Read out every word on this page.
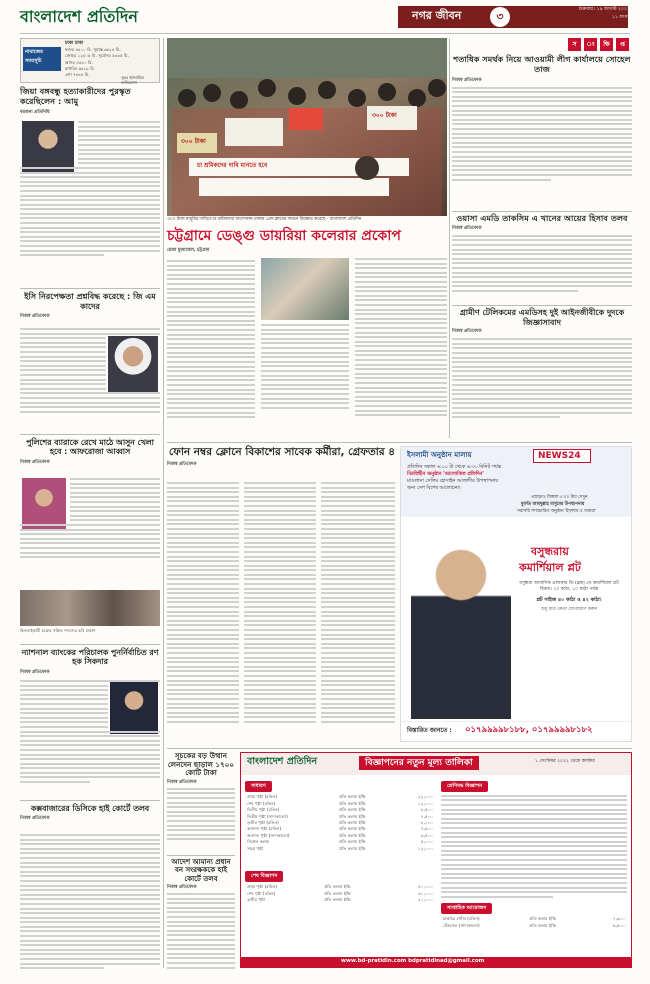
বাংলাদেশ প্রতিদিন	নগর জীবন	৩
শুক্রবার ৷ ১৯ আগস্ট ২০২২
১১ বৎসর
ঢাকা ঢাকা
নামাজের
সময়সূচি
ফজর ৪ঃ১০ মি. সূর্যাস্ত ৬ঃ২৪ মি.
জোহর ১২ঃ০৫ মি. সূর্যোদয় ৫ঃ৩৫ মি.
আসর ৪ঃ৪০ মি.
মাগরিব ৬ঃ২৯ মি.
এশা ৭ঃ৪৮ মি.
সূত্রঃ ইসলামিক ফাউন্ডেশন
জিয়া বঙ্গবন্ধু হত্যাকারীদের পুরস্কৃত করেছিলেন : আমু
বরগুনা প্রতিনিধি
ইসি নিরপেক্ষতা প্রশ্নবিদ্ধ করেছে : জি এম কাদের
নিজস্ব প্রতিবেদক
পুলিশের ব্যারাকে রেখে মাঠে আসুন খেলা হবে : আফরোজা আব্বাস
নিজস্ব প্রতিবেদক
ছিনতাইকারী চক্রের সক্রিয় সদস্যের ছবি প্রকাশ
ন্যাশনাল ব্যাংকের পরিচালক পুনর্নির্বাচিত রণ হক সিকদার
নিজস্ব প্রতিবেদক
কক্সবাজারের ডিসিকে হাই কোর্টে তলব
নিজস্ব প্রতিবেদক
৩০০ টাকা
৩০০ টাকা
চা শ্রমিকদের দাবি মানতে হবে
৩০০ টাকা মজুরির দাবিতে চা শ্রমিকদের আন্দোলন ঢাকায় প্রেস ক্লাবের সামনে বিক্ষোভ করেছে - বাংলাদেশ প্রতিদিন
স ং ক্ষি প্ত
শতাধিক সমর্থক নিয়ে আওয়ামী লীগ কার্যালয়ে সোহেল তাজ
নিজস্ব প্রতিবেদক
ওয়াসা এমডি তাকসিম এ খানের আয়ের হিসাব তলব
নিজস্ব প্রতিবেদক
গ্রামীণ টেলিকমের এমডিসহ দুই আইনজীবীকে দুদকে জিজ্ঞাসাবাদ
নিজস্ব প্রতিবেদক
চট্টগ্রামে ডেঙ্গু ডায়রিয়া কলেরার প্রকোপ
রেজা মুজাম্মেল, চট্টগ্রাম
ফোন নম্বর ক্লোনে বিকাশের সাবেক কর্মীরা, গ্রেফতার ৪
নিজস্ব প্রতিবেদক
ইসলামী অনুষ্ঠান মালায়	NEWS24
প্রতিদিন সকাল ৬:০০ টা থেকে ৬:৩০ মিনিট পর্যন্ত
বিরতিহীন অনুষ্ঠান 'আলোকিত প্রতিদিন'
মাওলানা সেলিম হোসাইন আজাদীর উপস্থাপনায়
অন্য সেশ বিশেষ আলোচনা।
এছাড়াও বিকাল ৫:০০ টায় দেখুন
মুফতি আবদুল্লাহ মাসুমের উপস্থাপনায়
সরাসরি সম্প্রচারিত অনুষ্ঠান 'ইসলাম ও আমরা'
বসুন্ধরায়
কমার্শিয়াল প্লট
বসুন্ধরা আবাসিক এলাকার ডি (ব্লক) তে কমার্শিয়াল প্লট বিক্রয়। ২০ কাঠা, ১০ কাঠা পর্যন্ত
প্লট সাইজ ৪০ কাঠা ও ৪২ কাঠা।
শুধু মাত্র ক্রেতা যোগাযোগ করুন
বিস্তারিত জানতে : ০১৭৯৯৯৯৮১৮৮, ০১৭৯৯৯৯৮১৮২
সূচকের বড় উত্থান লেনদেন ছাড়াল ১৭০০ কোটি টাকা
নিজস্ব প্রতিবেদক
আদেশ আমান্য প্রধান বন সংরক্ষককে হাই কোর্টে তলব
নিজস্ব প্রতিবেদক
বাংলাদেশ প্রতিদিন	বিজ্ঞাপনের নতুন মূল্য তালিকা	১ সেপ্টেম্বর ২০২২ থেকে কার্যকর
সাধারণ
প্রথম পৃষ্ঠা (রঙিন)	প্রতি কলাম ইঞ্চি	২২,০০০
শেষ পৃষ্ঠা (রঙিন)	প্রতি কলাম ইঞ্চি	১২,০০০
দ্বিতীয় পৃষ্ঠা (রঙিন)	প্রতি কলাম ইঞ্চি	৮,৫০০
দ্বিতীয় পৃষ্ঠা (সাদাকালো)	প্রতি কলাম ইঞ্চি	৭,৫০০
তৃতীয় পৃষ্ঠা (রঙিন)	প্রতি কলাম ইঞ্চি	৮,০০০
অন্যান্য পৃষ্ঠা (রঙিন)	প্রতি কলাম ইঞ্চি	৭,৫০০
অন্যান্য পৃষ্ঠা (সাদাকালো)	প্রতি কলাম ইঞ্চি	৬,৫০০
সিঙ্গেল কলাম	প্রতি কলাম ইঞ্চি	৫,০০০
সমগ্র পৃষ্ঠা	প্রতি কলাম ইঞ্চি	১২,০০০
শেষ বিজ্ঞাপন
প্রথম পৃষ্ঠা (রঙিন)	প্রতি কলাম ইঞ্চি	৪০,০০০
শেষ পৃষ্ঠা (রঙিন)	প্রতি কলাম ইঞ্চি	৩০,০০০
তৃতীয় পৃষ্ঠা	প্রতি কলাম ইঞ্চি	২০,০০০
শ্রেণিবদ্ধ বিজ্ঞাপন
সাপ্তাহিক আয়োজন
চাকরির খোঁজ (রঙিন)	প্রতি কলাম ইঞ্চি	৭,৬০০
টেকসেল (সাদাকালো)	প্রতি কলাম ইঞ্চি	৬,৫০০
www.bd-pratidin.com bdpratidinad@gmail.com
